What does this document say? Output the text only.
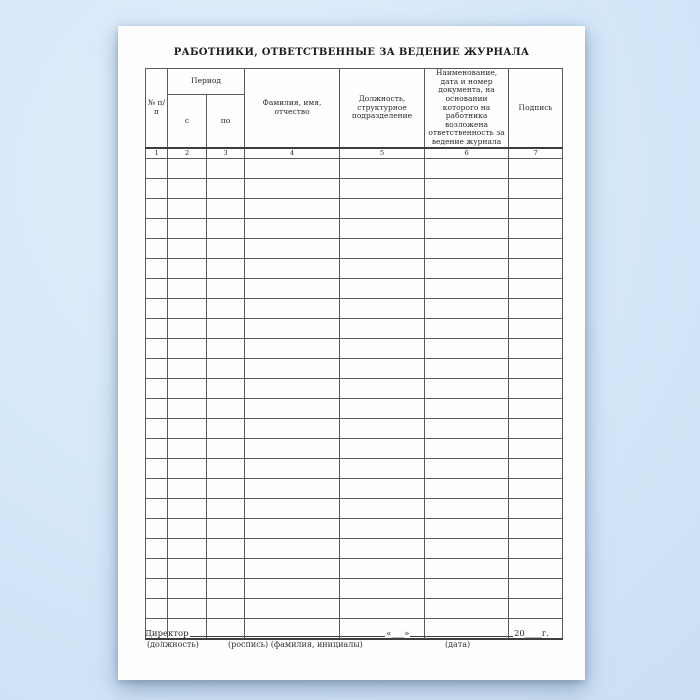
РАБОТНИКИ, ОТВЕТСТВЕННЫЕ ЗА ВЕДЕНИЕ ЖУРНАЛА
№ п/п	Период		Фамилия, имя, отчество	Должность, структурное подразделение	Наименование, дата и номер документа, на основании которого на работника возложена ответственность за ведение журнала	Подпись
	с	по				
1	2	3	4	5	6	7

Директор	«___»	20____г.
(должность)	(роспись) (фамилия, инициалы)	(дата)
